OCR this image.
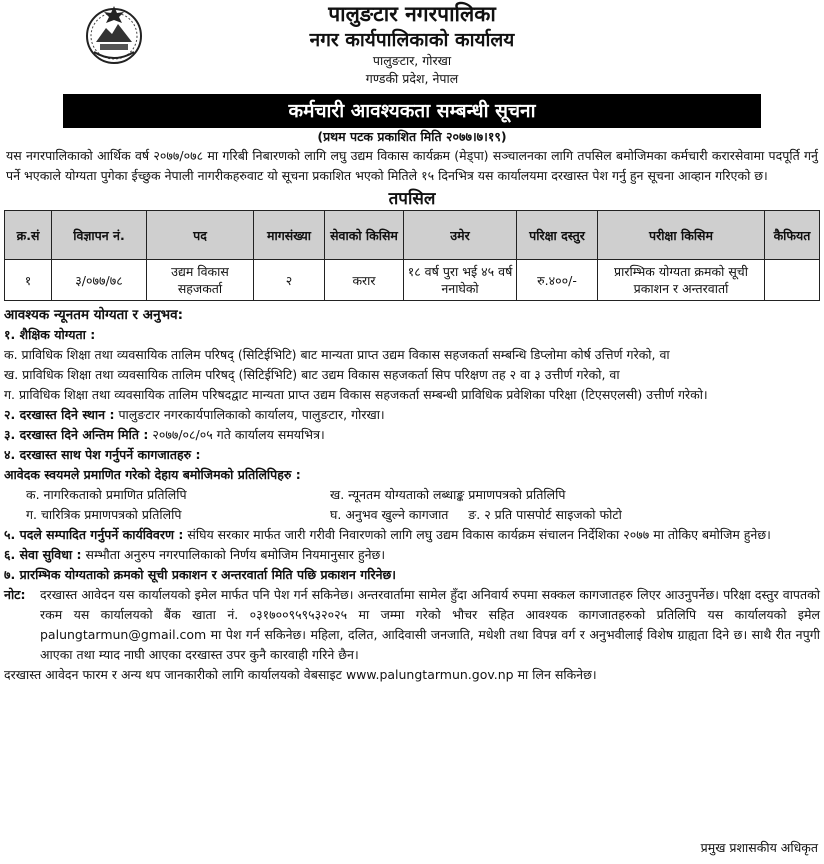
पालुङटार नगरपालिका
नगर कार्यपालिकाको कार्यालय
पालुङटार, गोरखा
गण्डकी प्रदेश, नेपाल
कर्मचारी आवश्यकता सम्बन्धी सूचना
(प्रथम पटक प्रकाशित मिति २०७७।७।१९)
यस नगरपालिकाको आर्थिक वर्ष २०७७/०७८ मा गरिबी निबारणको लागि लघु उद्यम विकास कार्यक्रम (मेड्पा) सञ्चालनका लागि तपसिल बमोजिमका कर्मचारी करारसेवामा पदपूर्ति गर्नु पर्ने भएकाले योग्यता पुगेका ईच्छुक नेपाली नागरीकहरुवाट यो सूचना प्रकाशित भएको मितिले १५ दिनभित्र यस कार्यालयमा दरखास्त पेश गर्नु हुन सूचना आव्हान गरिएको छ।
तपसिल
क्र.सं	विज्ञापन नं.	पद	मागसंख्या	सेवाको किसिम	उमेर	परिक्षा दस्तुर	परीक्षा किसिम	कैफियत
१	३/०७७/७८	उद्यम विकास सहजकर्ता	२	करार	१८ वर्ष पुरा भई ४५ वर्ष ननाघेको	रु.४००/-	प्रारम्भिक योग्यता क्रमको सूची प्रकाशन र अन्तरवार्ता	
आवश्यक न्यूनतम योग्यता र अनुभव:
१. शैक्षिक योग्यता :
क. प्राविधिक शिक्षा तथा व्यवसायिक तालिम परिषद् (सिटिईभिटि) बाट मान्यता प्राप्त उद्यम विकास सहजकर्ता सम्बन्धि डिप्लोमा कोर्ष उत्तिर्ण गरेको, वा
ख. प्राविधिक शिक्षा तथा व्यवसायिक तालिम परिषद् (सिटिईभिटि) बाट उद्यम विकास सहजकर्ता सिप परिक्षण तह २ वा ३ उत्तीर्ण गरेको, वा
ग. प्राविधिक शिक्षा तथा व्यवसायिक तालिम परिषदद्वाट मान्यता प्राप्त उद्यम विकास सहजकर्ता सम्बन्धी प्राविधिक प्रवेशिका परिक्षा (टिएसएलसी) उत्तीर्ण गरेको।
२. दरखास्त दिने स्थान : पालुङटार नगरकार्यपालिकाको कार्यालय, पालुङटार, गोरखा।
३. दरखास्त दिने अन्तिम मिति : २०७७/०८/०५ गते कार्यालय समयभित्र।
४. दरखास्त साथ पेश गर्नुपर्ने कागजातहरु :
आवेदक स्वयमले प्रमाणित गरेको देहाय बमोजिमको प्रतिलिपिहरु :
क. नागरिकताको प्रमाणित प्रतिलिपि	ख. न्यूनतम योग्यताको लब्धाङ्क प्रमाणपत्रको प्रतिलिपि
ग. चारित्रिक प्रमाणपत्रको प्रतिलिपि	घ. अनुभव खुल्ने कागजात     ङ. २ प्रति पासपोर्ट साइजको फोटो
५. पदले सम्पादित गर्नुपर्ने कार्यविवरण : संघिय सरकार मार्फत जारी गरीवी निवारणको लागि लघु उद्यम विकास कार्यक्रम संचालन निर्देशिका २०७७ मा तोकिए बमोजिम हुनेछ।
६. सेवा सुविधा : सम्भौता अनुरुप नगरपालिकाको निर्णय बमोजिम नियमानुसार हुनेछ।
७. प्रारम्भिक योग्यताको क्रमको सूची प्रकाशन र अन्तरवार्ता मिति पछि प्रकाशन गरिनेछ।
नोट:	दरखास्त आवेदन यस कार्यालयको इमेल मार्फत पनि पेश गर्न सकिनेछ। अन्तरवार्तामा सामेल हुँदा अनिवार्य रुपमा सक्कल कागजातहरु लिएर आउनुपर्नेछ। परिक्षा दस्तुर वापतको रकम यस कार्यालयको बैंक खाता नं. ०३१७००९५९५३२०२५ मा जम्मा गरेको भौचर सहित आवश्यक कागजातहरुको प्रतिलिपि यस कार्यालयको इमेल palungtarmun@gmail.com मा पेश गर्न सकिनेछ। महिला, दलित, आदिवासी जनजाति, मधेशी तथा विपन्न वर्ग र अनुभवीलाई विशेष ग्राह्यता दिने छ। साथै रीत नपुगी आएका तथा म्याद नाघी आएका दरखास्त उपर कुनै कारवाही गरिने छैन।
दरखास्त आवेदन फारम र अन्य थप जानकारीको लागि कार्यालयको वेबसाइट www.palungtarmun.gov.np मा लिन सकिनेछ।
प्रमुख प्रशासकीय अधिकृत
